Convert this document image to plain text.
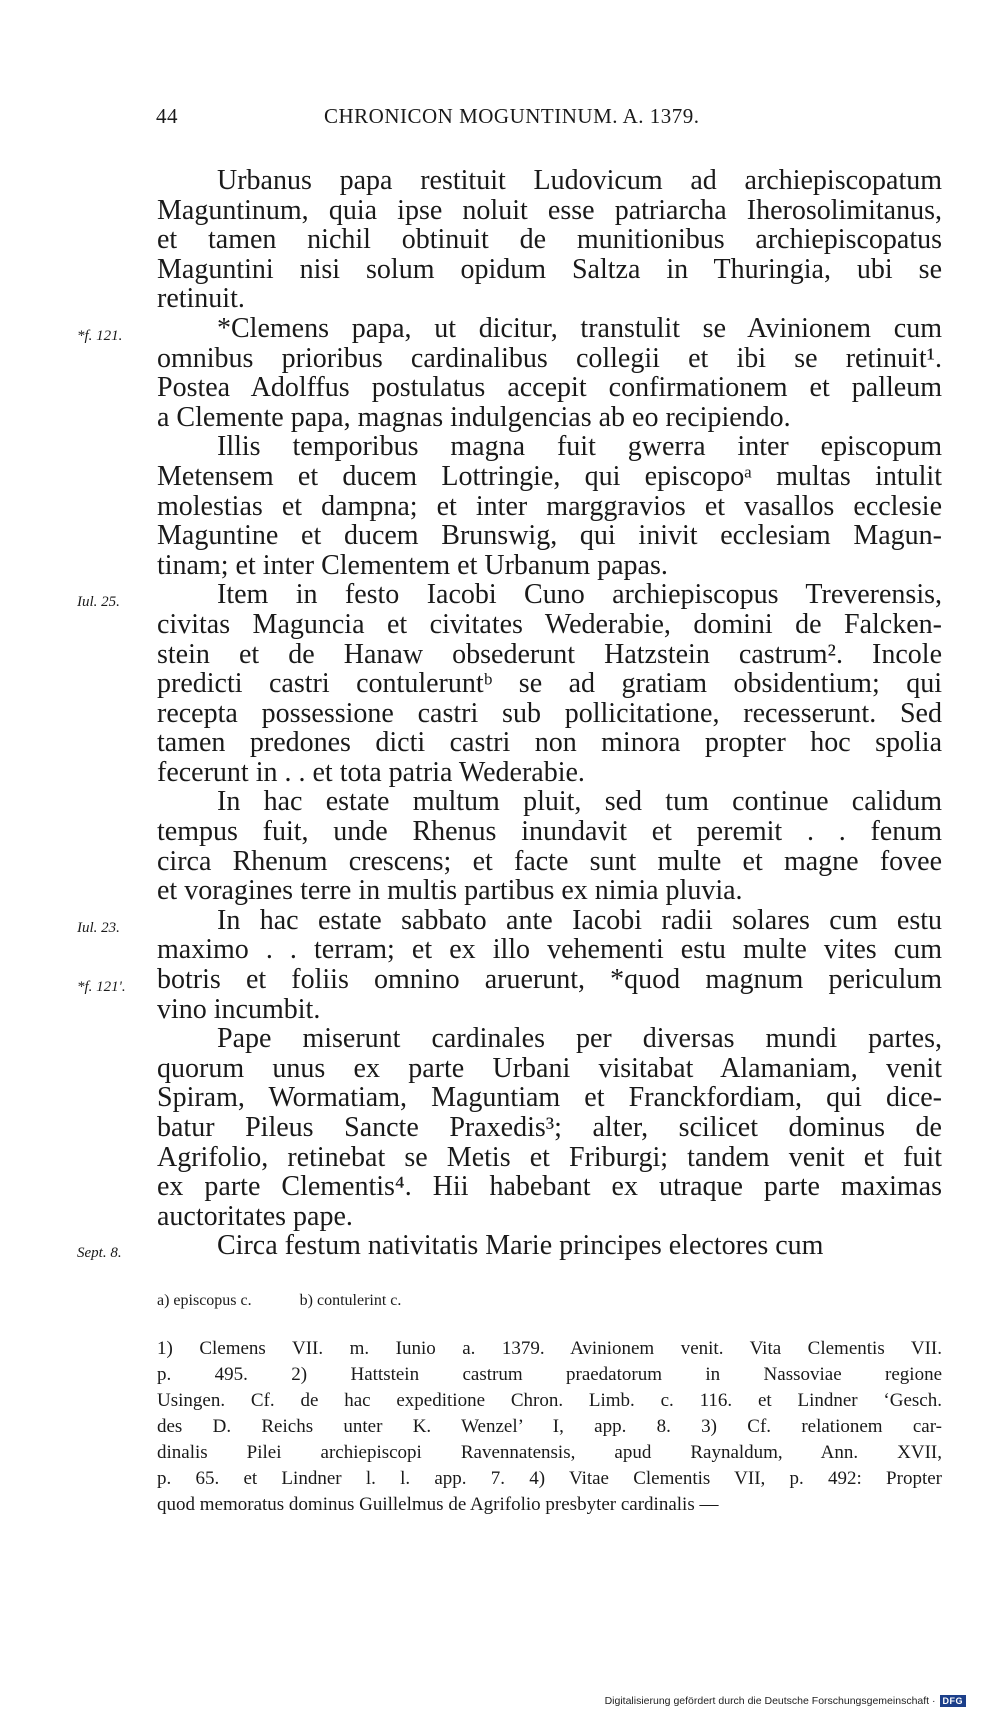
44	CHRONICON MOGUNTINUM. A. 1379.
Urbanus papa restituit Ludovicum ad archiepiscopatum
Maguntinum, quia ipse noluit esse patriarcha Iherosolimitanus,
et tamen nichil obtinuit de munitionibus archiepiscopatus
Maguntini nisi solum opidum Saltza in Thuringia, ubi se
retinuit.
*f. 121.	*Clemens papa, ut dicitur, transtulit se Avinionem cum
omnibus prioribus cardinalibus collegii et ibi se retinuit¹.
Postea Adolffus postulatus accepit confirmationem et palleum
a Clemente papa, magnas indulgencias ab eo recipiendo.
Illis temporibus magna fuit gwerra inter episcopum
Metensem et ducem Lottringie, qui episcopoᵃ multas intulit
molestias et dampna; et inter marggravios et vasallos ecclesie
Maguntine et ducem Brunswig, qui inivit ecclesiam Magun-
tinam; et inter Clementem et Urbanum papas.
Iul. 25.	Item in festo Iacobi Cuno archiepiscopus Treverensis,
civitas Maguncia et civitates Wederabie, domini de Falcken-
stein et de Hanaw obsederunt Hatzstein castrum². Incole
predicti castri contuleruntᵇ se ad gratiam obsidentium; qui
recepta possessione castri sub pollicitatione, recesserunt. Sed
tamen predones dicti castri non minora propter hoc spolia
fecerunt in . . et tota patria Wederabie.
In hac estate multum pluit, sed tum continue calidum
tempus fuit, unde Rhenus inundavit et peremit . . fenum
circa Rhenum crescens; et facte sunt multe et magne fovee
et voragines terre in multis partibus ex nimia pluvia.
Iul. 23.
*f. 121'.
In hac estate sabbato ante Iacobi radii solares cum estu
maximo . . terram; et ex illo vehementi estu multe vites cum
botris et foliis omnino aruerunt, *quod magnum periculum
vino incumbit.
Pape miserunt cardinales per diversas mundi partes,
quorum unus ex parte Urbani visitabat Alamaniam, venit
Spiram, Wormatiam, Maguntiam et Franckfordiam, qui dice-
batur Pileus Sancte Praxedis³; alter, scilicet dominus de
Agrifolio, retinebat se Metis et Friburgi; tandem venit et fuit
ex parte Clementis⁴. Hii habebant ex utraque parte maximas
auctoritates pape.
Sept. 8.	Circa festum nativitatis Marie principes electores cum
a) episcopus c.	b) contulerint c.
1) Clemens VII. m. Iunio a. 1379. Avinionem venit. Vita Clementis VII.
p. 495. 2) Hattstein castrum praedatorum in Nassoviae regione
Usingen. Cf. de hac expeditione Chron. Limb. c. 116. et Lindner ‘Gesch.
des D. Reichs unter K. Wenzel’ I, app. 8. 3) Cf. relationem car-
dinalis Pilei archiepiscopi Ravennatensis, apud Raynaldum, Ann. XVII,
p. 65. et Lindner l. l. app. 7. 4) Vitae Clementis VII, p. 492: Propter
quod memoratus dominus Guillelmus de Agrifolio presbyter cardinalis —
Digitalisierung gefördert durch die Deutsche Forschungsgemeinschaft · DFG
